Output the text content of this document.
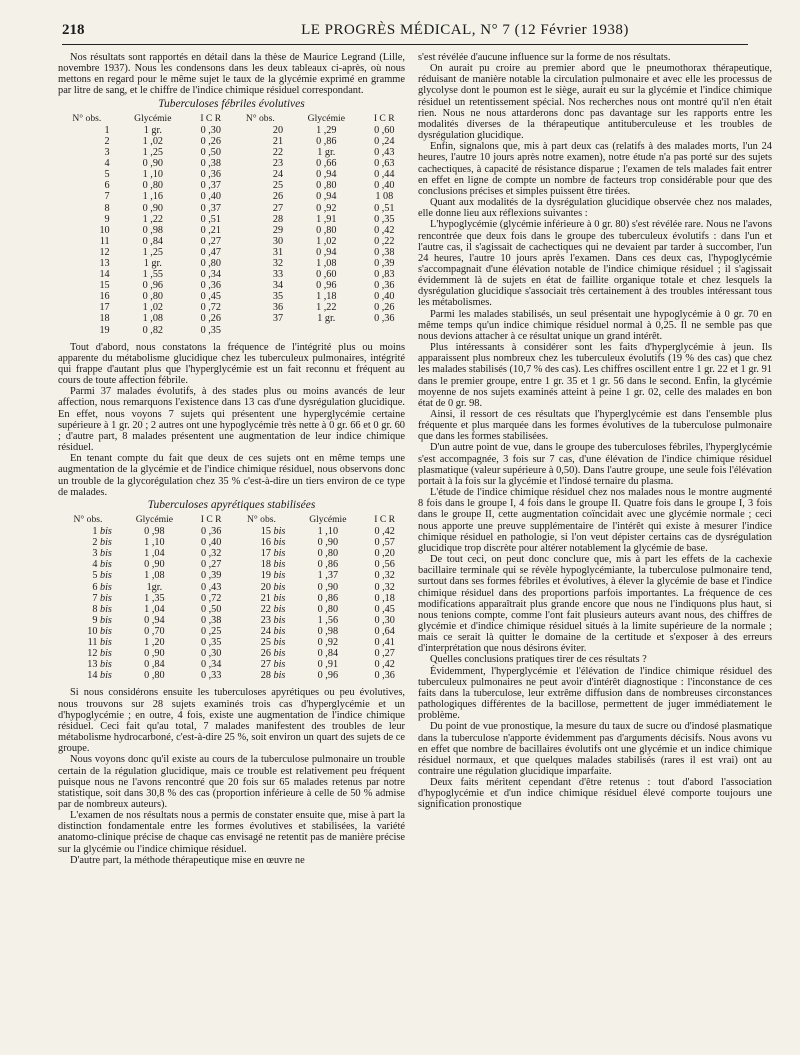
218	LE PROGRÈS MÉDICAL, N° 7 (12 Février 1938)

Nos résultats sont rapportés en détail dans la thèse de Maurice Legrand (Lille, novembre 1937). Nous les condensons dans les deux tableaux ci-après, où nous mettons en regard pour le même sujet le taux de la glycémie exprimé en gramme par litre de sang, et le chiffre de l'indice chimique résiduel correspondant.

Tuberculoses fébriles évolutives
N° obs.	Glycémie	I C R	N° obs.	Glycémie	I C R
1	1 gr.	0 ,30	20	1 ,29	0 ,60
2	1 ,02	0 ,26	21	0 ,86	0 ,24
3	1 ,25	0 ,50	22	1 gr.	0 ,43
4	0 ,90	0 ,38	23	0 ,66	0 ,63
5	1 ,10	0 ,36	24	0 ,94	0 ,44
6	0 ,80	0 ,37	25	0 ,80	0 ,40
7	1 ,16	0 ,40	26	0 ,94	1 08
8	0 ,90	0 ,37	27	0 ,92	0 ,51
9	1 ,22	0 ,51	28	1 ,91	0 ,35
10	0 ,98	0 ,21	29	0 ,80	0 ,42
11	0 ,84	0 ,27	30	1 ,02	0 ,22
12	1 ,25	0 ,47	31	0 ,94	0 ,38
13	1 gr.	0 ,80	32	1 ,08	0 ,39
14	1 ,55	0 ,34	33	0 ,60	0 ,83
15	0 ,96	0 ,36	34	0 ,96	0 ,36
16	0 ,80	0 ,45	35	1 ,18	0 ,40
17	1 ,02	0 ,72	36	1 ,22	0 ,26
18	1 ,08	0 ,26	37	1 gr.	0 ,36
19	0 ,82	0 ,35			

Tout d'abord, nous constatons la fréquence de l'intégrité plus ou moins apparente du métabolisme glucidique chez les tuberculeux pulmonaires, intégrité qui frappe d'autant plus que l'hyperglycémie est un fait reconnu et fréquent au cours de toute affection fébrile.

Parmi 37 malades évolutifs, à des stades plus ou moins avancés de leur affection, nous remarquons l'existence dans 13 cas d'une dysrégulation glucidique. En effet, nous voyons 7 sujets qui présentent une hyperglycémie certaine supérieure à 1 gr. 20 ; 2 autres ont une hypoglycémie très nette à 0 gr. 66 et 0 gr. 60 ; d'autre part, 8 malades présentent une augmentation de leur indice chimique résiduel.

En tenant compte du fait que deux de ces sujets ont en même temps une augmentation de la glycémie et de l'indice chimique résiduel, nous observons donc un trouble de la glycorégulation chez 35 % c'est-à-dire un tiers environ de ce type de malades.

Tuberculoses apyrétiques stabilisées
N° obs.	Glycémie	I C R	N° obs.	Glycémie	I C R
1 bis	0 ,98	0 ,36	15 bis	1 ,10	0 ,42
2 bis	1 ,10	0 ,40	16 bis	0 ,90	0 ,57
3 bis	1 ,04	0 ,32	17 bis	0 ,80	0 ,20
4 bis	0 ,90	0 ,27	18 bis	0 ,86	0 ,56
5 bis	1 ,08	0 ,39	19 bis	1 ,37	0 ,32
6 bis	1gr.	0 ,43	20 bis	0 ,90	0 ,32
7 bis	1 ,35	0 ,72	21 bis	0 ,86	0 ,18
8 bis	1 ,04	0 ,50	22 bis	0 ,80	0 ,45
9 bis	0 ,94	0 ,38	23 bis	1 ,56	0 ,30
10 bis	0 ,70	0 ,25	24 bis	0 ,98	0 ,64
11 bis	1 ,20	0 ,35	25 bis	0 ,92	0 ,41
12 bis	0 ,90	0 ,30	26 bis	0 ,84	0 ,27
13 bis	0 ,84	0 ,34	27 bis	0 ,91	0 ,42
14 bis	0 ,80	0 ,33	28 bis	0 ,96	0 ,36

Si nous considérons ensuite les tuberculoses apyrétiques ou peu évolutives, nous trouvons sur 28 sujets examinés trois cas d'hyperglycémie et un d'hypoglycémie ; en outre, 4 fois, existe une augmentation de l'indice chimique résiduel. Ceci fait qu'au total, 7 malades manifestent des troubles de leur métabolisme hydrocarboné, c'est-à-dire 25 %, soit environ un quart des sujets de ce groupe.

Nous voyons donc qu'il existe au cours de la tuberculose pulmonaire un trouble certain de la régulation glucidique, mais ce trouble est relativement peu fréquent puisque nous ne l'avons rencontré que 20 fois sur 65 malades retenus par notre statistique, soit dans 30,8 % des cas (proportion inférieure à celle de 50 % admise par de nombreux auteurs).

L'examen de nos résultats nous a permis de constater ensuite que, mise à part la distinction fondamentale entre les formes évolutives et stabilisées, la variété anatomo-clinique précise de chaque cas envisagé ne retentit pas de manière précise sur la glycémie ou l'indice chimique résiduel.

D'autre part, la méthode thérapeutique mise en œuvre ne

s'est révélée d'aucune influence sur la forme de nos résultats.

On aurait pu croire au premier abord que le pneumothorax thérapeutique, réduisant de manière notable la circulation pulmonaire et avec elle les processus de glycolyse dont le poumon est le siège, aurait eu sur la glycémie et l'indice chimique résiduel un retentissement spécial. Nos recherches nous ont montré qu'il n'en était rien. Nous ne nous attarderons donc pas davantage sur les rapports entre les modalités diverses de la thérapeutique antituberculeuse et les troubles de dysrégulation glucidique.

Enfin, signalons que, mis à part deux cas (relatifs à des malades morts, l'un 24 heures, l'autre 10 jours après notre examen), notre étude n'a pas porté sur des sujets cachectiques, à capacité de résistance disparue ; l'examen de tels malades fait entrer en effet en ligne de compte un nombre de facteurs trop considérable pour que des conclusions précises et simples puissent être tirées.

Quant aux modalités de la dysrégulation glucidique observée chez nos malades, elle donne lieu aux réflexions suivantes :

L'hypoglycémie (glycémie inférieure à 0 gr. 80) s'est révélée rare. Nous ne l'avons rencontrée que deux fois dans le groupe des tuberculeux évolutifs : dans l'un et l'autre cas, il s'agissait de cachectiques qui ne devaient par tarder à succomber, l'un 24 heures, l'autre 10 jours après l'examen. Dans ces deux cas, l'hypoglycémie s'accompagnait d'une élévation notable de l'indice chimique résiduel ; il s'agissait évidemment là de sujets en état de faillite organique totale et chez lesquels la dysrégulation glucidique s'associait très certainement à des troubles intéressant tous les métabolismes.

Parmi les malades stabilisés, un seul présentait une hypoglycémie à 0 gr. 70 en même temps qu'un indice chimique résiduel normal à 0,25. Il ne semble pas que nous devions attacher à ce résultat unique un grand intérêt.

Plus intéressants à considérer sont les faits d'hyperglycémie à jeun. Ils apparaissent plus nombreux chez les tuberculeux évolutifs (19 % des cas) que chez les malades stabilisés (10,7 % des cas). Les chiffres oscillent entre 1 gr. 22 et 1 gr. 91 dans le premier groupe, entre 1 gr. 35 et 1 gr. 56 dans le second. Enfin, la glycémie moyenne de nos sujets examinés atteint à peine 1 gr. 02, celle des malades en bon état de 0 gr. 98.

Ainsi, il ressort de ces résultats que l'hyperglycémie est dans l'ensemble plus fréquente et plus marquée dans les formes évolutives de la tuberculose pulmonaire que dans les formes stabilisées.

D'un autre point de vue, dans le groupe des tuberculoses fébriles, l'hyperglycémie s'est accompagnée, 3 fois sur 7 cas, d'une élévation de l'indice chimique résiduel plasmatique (valeur supérieure à 0,50). Dans l'autre groupe, une seule fois l'élévation portait à la fois sur la glycémie et l'indosé ternaire du plasma.

L'étude de l'indice chimique résiduel chez nos malades nous le montre augmenté 8 fois dans le groupe I, 4 fois dans le groupe II. Quatre fois dans le groupe I, 3 fois dans le groupe II, cette augmentation coïncidait avec une glycémie normale ; ceci nous apporte une preuve supplémentaire de l'intérêt qui existe à mesurer l'indice chimique résiduel en pathologie, si l'on veut dépister certains cas de dysrégulation glucidique trop discrète pour altérer notablement la glycémie de base.

De tout ceci, on peut donc conclure que, mis à part les effets de la cachexie bacillaire terminale qui se révèle hypoglycémiante, la tuberculose pulmonaire tend, surtout dans ses formes fébriles et évolutives, à élever la glycémie de base et l'indice chimique résiduel dans des proportions parfois importantes. La fréquence de ces modifications apparaîtrait plus grande encore que nous ne l'indiquons plus haut, si nous tenions compte, comme l'ont fait plusieurs auteurs avant nous, des chiffres de glycémie et d'indice chimique résiduel situés à la limite supérieure de la normale ; mais ce serait là quitter le domaine de la certitude et s'exposer à des erreurs d'interprétation que nous désirons éviter.

Quelles conclusions pratiques tirer de ces résultats ?

Évidemment, l'hyperglycémie et l'élévation de l'indice chimique résiduel des tuberculeux pulmonaires ne peut avoir d'intérêt diagnostique : l'inconstance de ces faits dans la tuberculose, leur extrême diffusion dans de nombreuses circonstances pathologiques différentes de la bacillose, permettent de juger immédiatement le problème.

Du point de vue pronostique, la mesure du taux de sucre ou d'indosé plasmatique dans la tuberculose n'apporte évidemment pas d'arguments décisifs. Nous avons vu en effet que nombre de bacillaires évolutifs ont une glycémie et un indice chimique résiduel normaux, et que quelques malades stabilisés (rares il est vrai) ont au contraire une régulation glucidique imparfaite.

Deux faits méritent cependant d'être retenus : tout d'abord l'association d'hypoglycémie et d'un indice chimique résiduel élevé comporte toujours une signification pronostique
